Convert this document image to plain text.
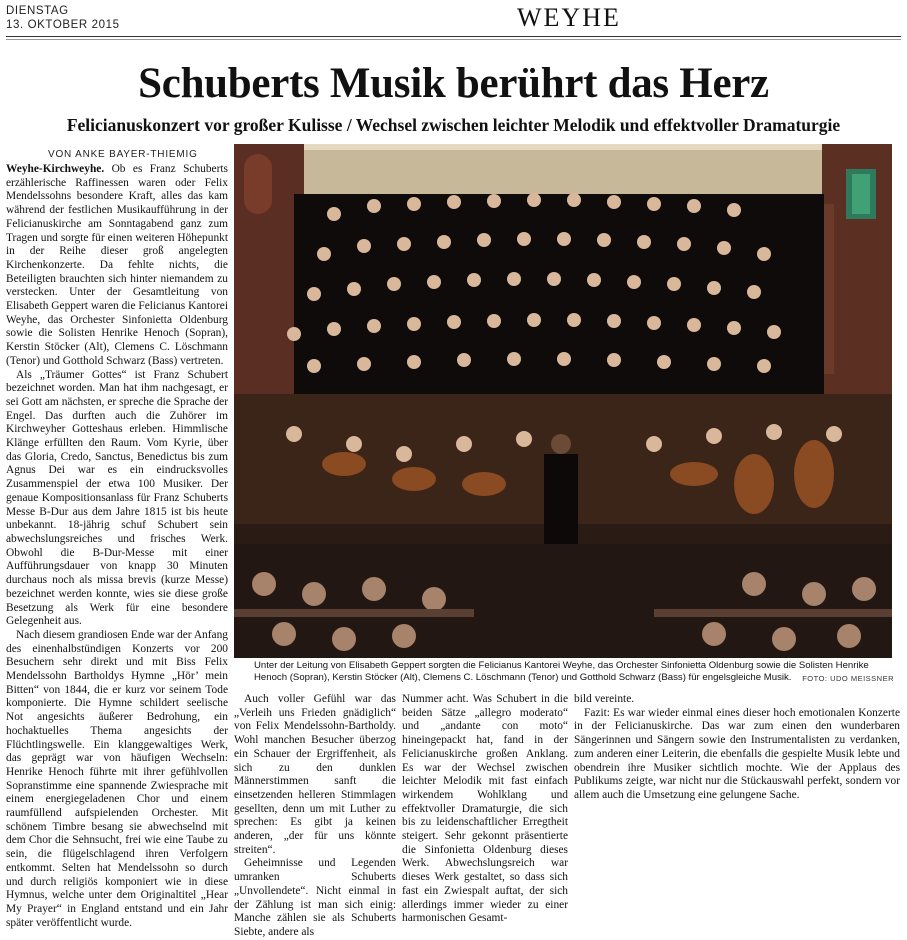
DIENSTAG
13. OKTOBER 2015	WEYHE
Schuberts Musik berührt das Herz
Felicianuskonzert vor großer Kulisse / Wechsel zwischen leichter Melodik und effektvoller Dramaturgie
VON ANKE BAYER-THIEMIG

Weyhe-Kirchweyhe. Ob es Franz Schuberts erzählerische Raffinessen waren oder Felix Mendelssohns besondere Kraft, alles das kam während der festlichen Musikaufführung in der Felicianuskirche am Sonntagabend ganz zum Tragen und sorgte für einen weiteren Höhepunkt in der Reihe dieser groß angelegten Kirchenkonzerte. Da fehlte nichts, die Beteiligten brauchten sich hinter niemandem zu verstecken. Unter der Gesamtleitung von Elisabeth Geppert waren die Felicianus Kantorei Weyhe, das Orchester Sinfonietta Oldenburg sowie die Solisten Henrike Henoch (Sopran), Kerstin Stöcker (Alt), Clemens C. Löschmann (Tenor) und Gotthold Schwarz (Bass) vertreten.

Als „Träumer Gottes“ ist Franz Schubert bezeichnet worden. Man hat ihm nachgesagt, er sei Gott am nächsten, er spreche die Sprache der Engel. Das durften auch die Zuhörer im Kirchweyher Gotteshaus erleben. Himmlische Klänge erfüllten den Raum. Vom Kyrie, über das Gloria, Credo, Sanctus, Benedictus bis zum Agnus Dei war es ein eindrucksvolles Zusammenspiel der etwa 100 Musiker. Der genaue Kompositionsanlass für Franz Schuberts Messe B-Dur aus dem Jahre 1815 ist bis heute unbekannt. 18-jährig schuf Schubert sein abwechslungsreiches und frisches Werk. Obwohl die B-Dur-Messe mit einer Aufführungsdauer von knapp 30 Minuten durchaus noch als missa brevis (kurze Messe) bezeichnet werden konnte, wies sie diese große Besetzung als Werk für eine besondere Gelegenheit aus.

Nach diesem grandiosen Ende war der Anfang des einenhalbstündigen Konzerts vor 200 Besuchern sehr direkt und mit Biss Felix Mendelssohn Bartholdys Hymne „Hör’ mein Bitten“ von 1844, die er kurz vor seinem Tode komponierte. Die Hymne schildert seelische Not angesichts äußerer Bedrohung, ein hochaktuelles Thema angesichts der Flüchtlingswelle. Ein klanggewaltiges Werk, das geprägt war von häufigen Wechseln: Henrike Henoch führte mit ihrer gefühlvollen Sopranstimme eine spannende Zwiesprache mit einem energiegeladenen Chor und einem raumfüllend aufspielenden Orchester. Mit schönem Timbre besang sie abwechselnd mit dem Chor die Sehnsucht, frei wie eine Taube zu sein, die flügelschlagend ihren Verfolgern entkommt. Selten hat Mendelssohn so durch und durch religiös komponiert wie in diese Hymnus, welche unter dem Originaltitel „Hear My Prayer“ in England entstand und ein Jahr später veröffentlicht wurde.

Unter der Leitung von Elisabeth Geppert sorgten die Felicianus Kantorei Weyhe, das Orchester Sinfonietta Oldenburg sowie die Solisten Henrike Henoch (Sopran), Kerstin Stöcker (Alt), Clemens C. Löschmann (Tenor) und Gotthold Schwarz (Bass) für engelsgleiche Musik. FOTO: UDO MEISSNER

Auch voller Gefühl war das „Verleih uns Frieden gnädiglich“ von Felix Mendelssohn-Bartholdy. Wohl manchen Besucher überzog ein Schauer der Ergriffenheit, als sich zu den dunklen Männerstimmen sanft die einsetzenden helleren Stimmlagen gesellten, denn um mit Luther zu sprechen: Es gibt ja keinen anderen, „der für uns könnte streiten“.

Geheimnisse und Legenden umranken Schuberts „Unvollendete“. Nicht einmal in der Zählung ist man sich einig: Manche zählen sie als Schuberts Siebte, andere als

Nummer acht. Was Schubert in die beiden Sätze „allegro moderato“ und „andante con moto“ hineingepackt hat, fand in der Felicianuskirche großen Anklang. Es war der Wechsel zwischen leichter Melodik mit fast einfach wirkendem Wohlklang und effektvoller Dramaturgie, die sich bis zu leidenschaftlicher Erregtheit steigert. Sehr gekonnt präsentierte die Sinfonietta Oldenburg dieses Werk. Abwechslungsreich war dieses Werk gestaltet, so dass sich fast ein Zwiespalt auftat, der sich allerdings immer wieder zu einer harmonischen Gesamt-

bild vereinte.

Fazit: Es war wieder einmal eines dieser hoch emotionalen Konzerte in der Felicianuskirche. Das war zum einen den wunderbaren Sängerinnen und Sängern sowie den Instrumentalisten zu verdanken, zum anderen einer Leiterin, die ebenfalls die gespielte Musik lebte und obendrein ihre Musiker sichtlich mochte. Wie der Applaus des Publikums zeigte, war nicht nur die Stückauswahl perfekt, sondern vor allem auch die Umsetzung eine gelungene Sache.
